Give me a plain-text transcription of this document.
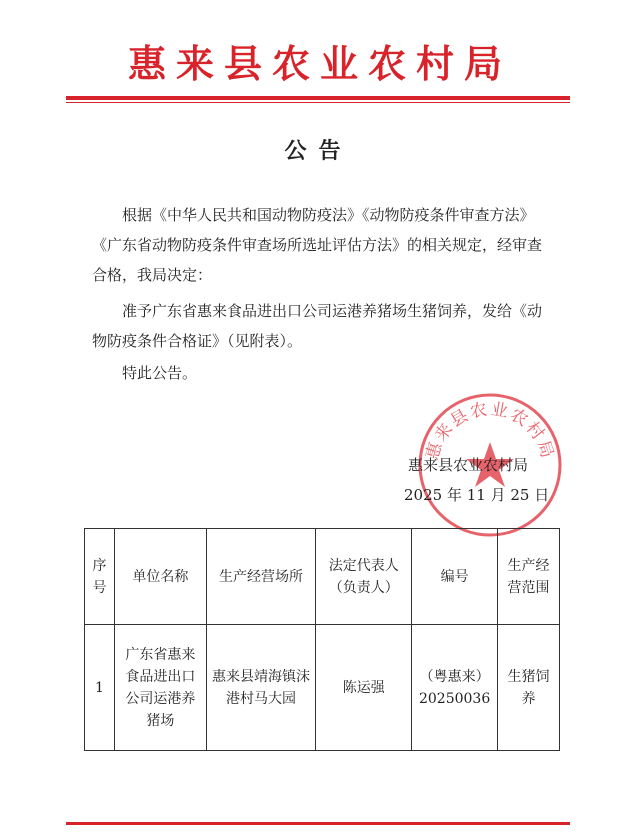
惠来县农业农村局
公告
根据《中华人民共和国动物防疫法》《动物防疫条件审查方法》《广东省动物防疫条件审查场所选址评估方法》的相关规定，经审查合格，我局决定：
准予广东省惠来食品进出口公司运港养猪场生猪饲养，发给《动物防疫条件合格证》（见附表）。
特此公告。
惠来县农业农村局
惠来县农业农村局
2025 年 11 月 25 日
序号	单位名称	生产经营场所	法定代表人（负责人）	编号	生产经营范围
1	广东省惠来食品进出口公司运港养猪场	惠来县靖海镇沫港村马大园	陈运强	（粤惠来）20250036	生猪饲养
